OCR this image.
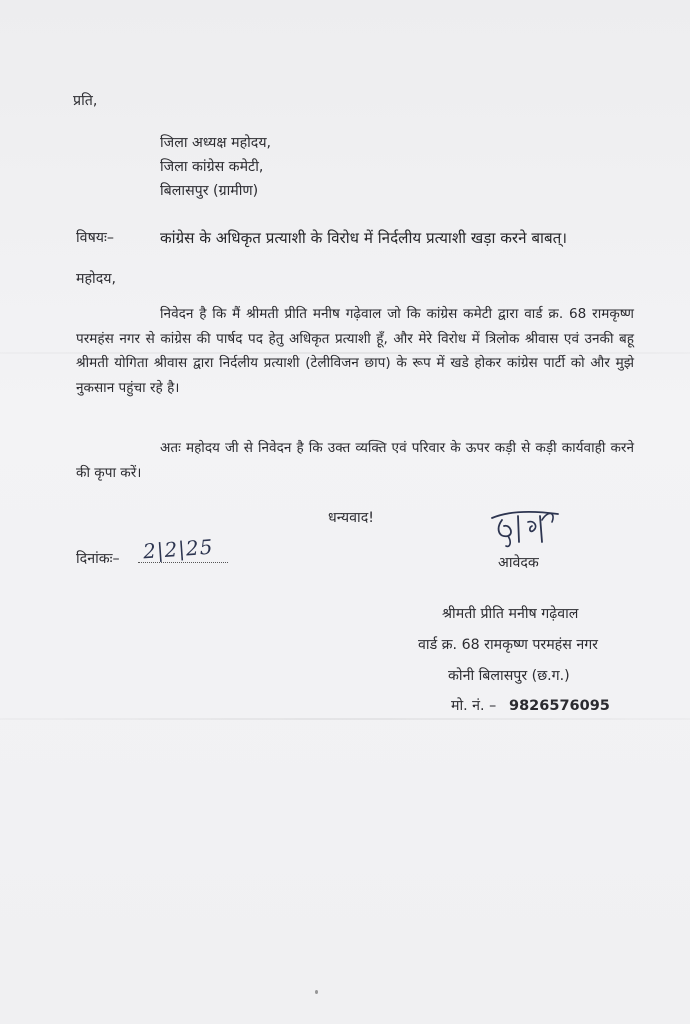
प्रति,
जिला अध्यक्ष महोदय,
जिला कांग्रेस कमेटी,
बिलासपुर (ग्रामीण)
विषयः–	कांग्रेस के अधिकृत प्रत्याशी के विरोध में निर्दलीय प्रत्याशी खड़ा करने बाबत्।
महोदय,

निवेदन है कि मैं श्रीमती प्रीति मनीष गढ़ेवाल जो कि कांग्रेस कमेटी द्वारा वार्ड क्र. 68 रामकृष्ण परमहंस नगर से कांग्रेस की पार्षद पद हेतु अधिकृत प्रत्याशी हूँ, और मेरे विरोध में त्रिलोक श्रीवास एवं उनकी बहू श्रीमती योगिता श्रीवास द्वारा निर्दलीय प्रत्याशी (टेलीविजन छाप) के रूप में खडे होकर कांग्रेस पार्टी को और मुझे नुकसान पहुंचा रहे है।

अतः महोदय जी से निवेदन है कि उक्त व्यक्ति एवं परिवार के ऊपर कड़ी से कड़ी कार्यवाही करने की कृपा करें।

धन्यवाद!
दिनांकः– 2|2|25	आवेदक
श्रीमती प्रीति मनीष गढ़ेवाल
वार्ड क्र. 68 रामकृष्ण परमहंस नगर
कोनी बिलासपुर (छ.ग.)
मो. नं. – 9826576095
